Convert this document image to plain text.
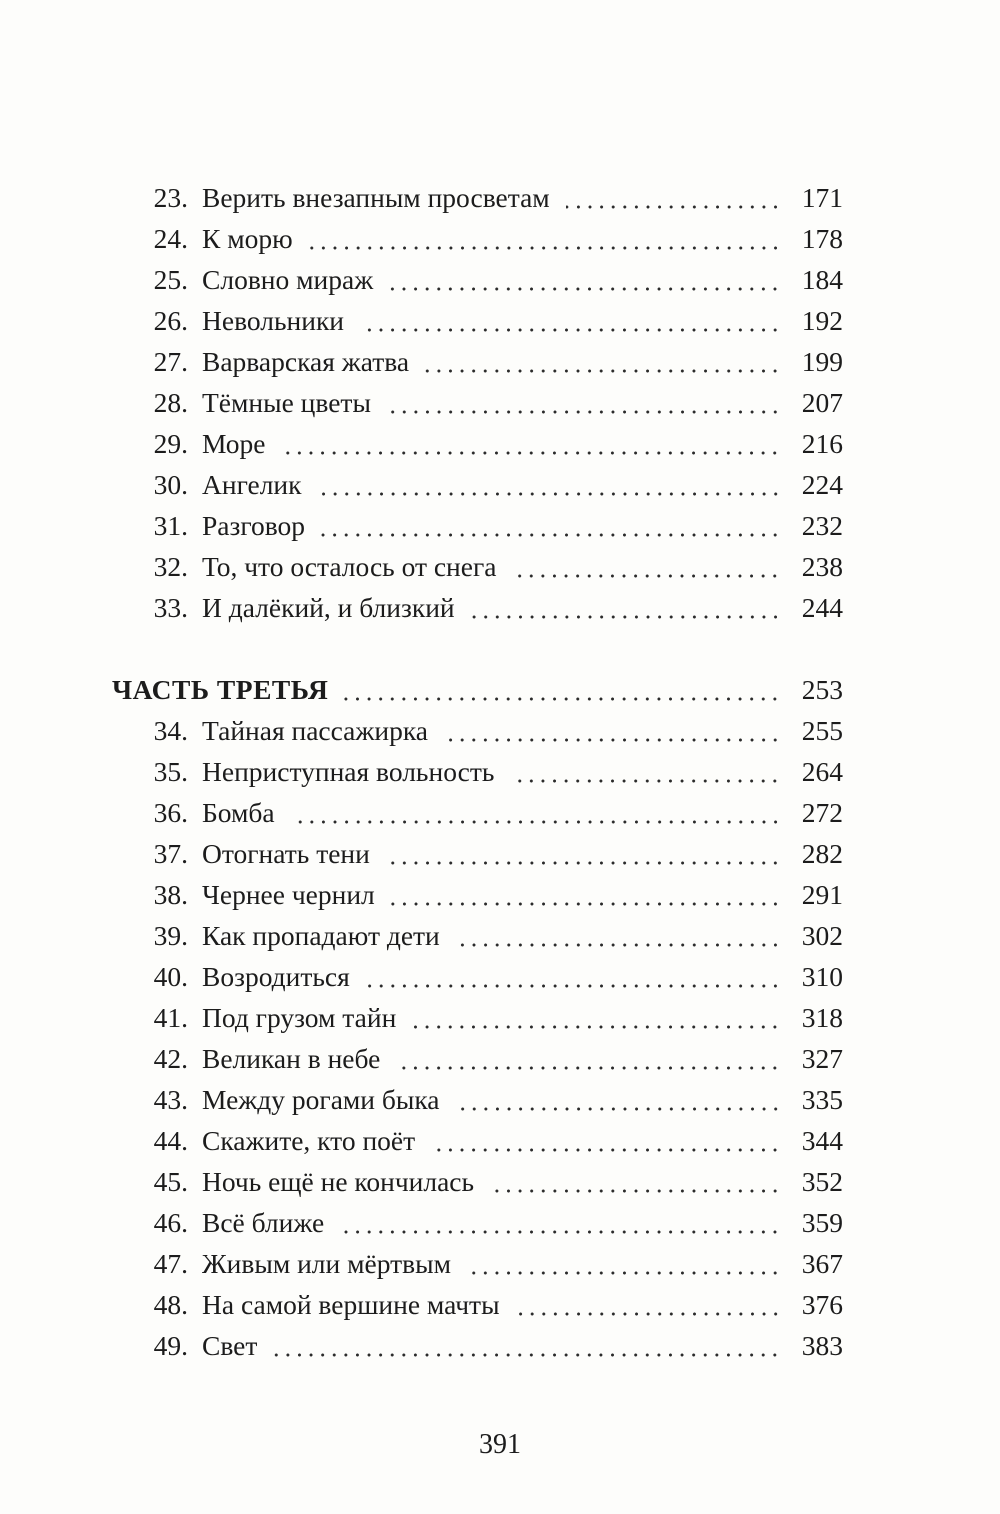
23. Верить внезапным просветам	171
24. К морю	178
25. Словно мираж	184
26. Невольники	192
27. Варварская жатва	199
28. Тёмные цветы	207
29. Море	216
30. Ангелик	224
31. Разговор	232
32. То, что осталось от снега	238
33. И далёкий, и близкий	244
ЧАСТЬ ТРЕТЬЯ	253
34. Тайная пассажирка	255
35. Неприступная вольность	264
36. Бомба	272
37. Отогнать тени	282
38. Чернее чернил	291
39. Как пропадают дети	302
40. Возродиться	310
41. Под грузом тайн	318
42. Великан в небе	327
43. Между рогами быка	335
44. Скажите, кто поёт	344
45. Ночь ещё не кончилась	352
46. Всё ближе	359
47. Живым или мёртвым	367
48. На самой вершине мачты	376
49. Свет	383
391
